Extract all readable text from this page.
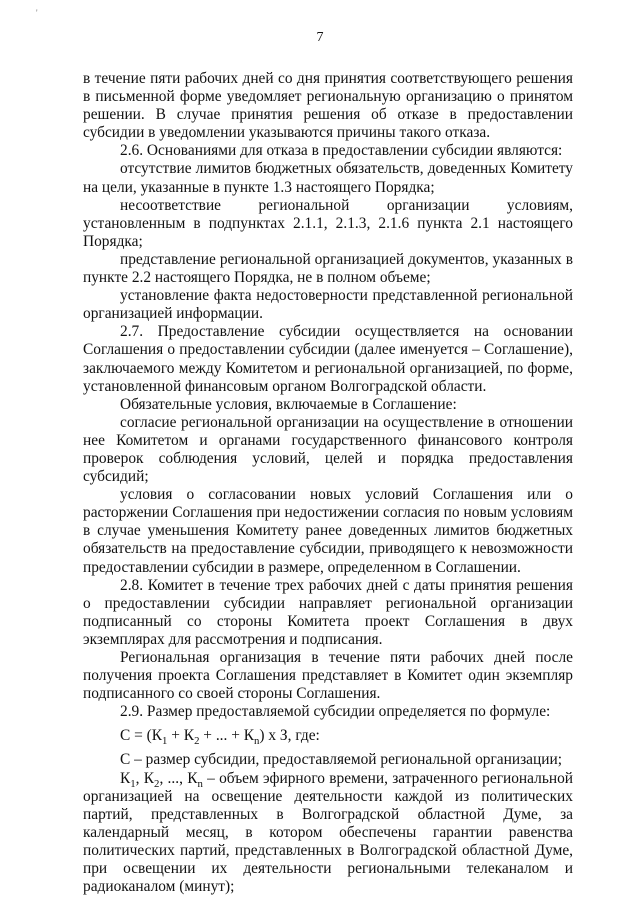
'
7

в течение пяти рабочих дней со дня принятия соответствующего решения в письменной форме уведомляет региональную организацию о принятом решении. В случае принятия решения об отказе в предоставлении субсидии в уведомлении указываются причины такого отказа.

2.6. Основаниями для отказа в предоставлении субсидии являются:

отсутствие лимитов бюджетных обязательств, доведенных Комитету на цели, указанные в пункте 1.3 настоящего Порядка;

несоответствие региональной организации условиям, установленным в подпунктах 2.1.1, 2.1.3, 2.1.6 пункта 2.1 настоящего Порядка;

представление региональной организацией документов, указанных в пункте 2.2 настоящего Порядка, не в полном объеме;

установление факта недостоверности представленной региональной организацией информации.

2.7. Предоставление субсидии осуществляется на основании Соглашения о предоставлении субсидии (далее именуется – Соглашение), заключаемого между Комитетом и региональной организацией, по форме, установленной финансовым органом Волгоградской области.

Обязательные условия, включаемые в Соглашение:

согласие региональной организации на осуществление в отношении нее Комитетом и органами государственного финансового контроля проверок соблюдения условий, целей и порядка предоставления субсидий;

условия о согласовании новых условий Соглашения или о расторжении Соглашения при недостижении согласия по новым условиям в случае уменьшения Комитету ранее доведенных лимитов бюджетных обязательств на предоставление субсидии, приводящего к невозможности предоставлении субсидии в размере, определенном в Соглашении.

2.8. Комитет в течение трех рабочих дней с даты принятия решения о предоставлении субсидии направляет региональной организации подписанный со стороны Комитета проект Соглашения в двух экземплярах для рассмотрения и подписания.

Региональная организация в течение пяти рабочих дней после получения проекта Соглашения представляет в Комитет один экземпляр подписанного со своей стороны Соглашения.

2.9. Размер предоставляемой субсидии определяется по формуле:

$С = (К_1 + К_2$ + ... + $К_n$) x З, где:

С – размер субсидии, предоставляемой региональной организации;

$К_1$, $К_2$, ..., $К_n$ – объем эфирного времени, затраченного региональной организацией на освещение деятельности каждой из политических партий, представленных в Волгоградской областной Думе, за календарный месяц, в котором обеспечены гарантии равенства политических партий, представленных в Волгоградской областной Думе, при освещении их деятельности региональными телеканалом и радиоканалом (минут);
